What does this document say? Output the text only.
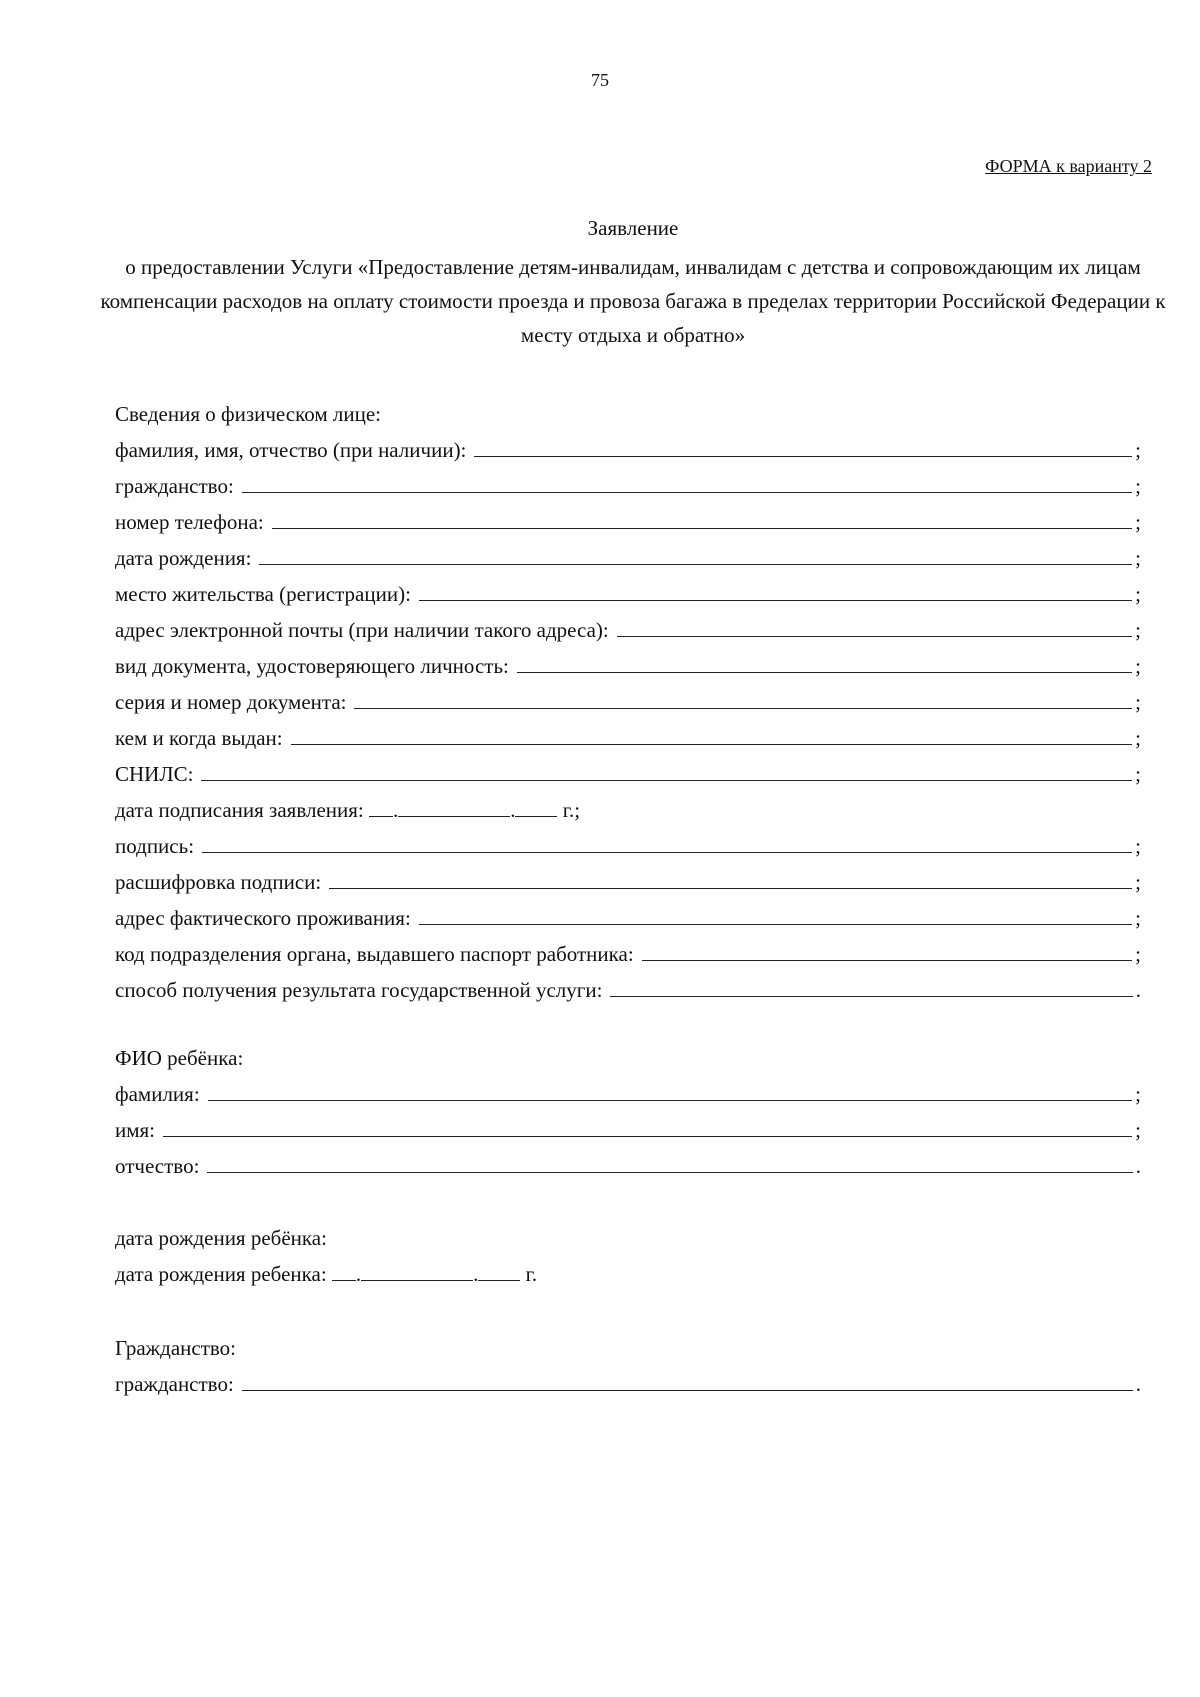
75
ФОРМА к варианту 2
Заявление
о предоставлении Услуги «Предоставление детям-инвалидам, инвалидам с детства и сопровождающим их лицам компенсации расходов на оплату стоимости проезда и провоза багажа в пределах территории Российской Федерации к месту отдыха и обратно»
Сведения о физическом лице:
фамилия, имя, отчество (при наличии):	;
гражданство:	;
номер телефона:	;
дата рождения:	;
место жительства (регистрации):	;
адрес электронной почты (при наличии такого адреса):	;
вид документа, удостоверяющего личность:	;
серия и номер документа:	;
кем и когда выдан:	;
СНИЛС:	;
дата подписания заявления: .	. г.;
подпись:	;
расшифровка подписи:	;
адрес фактического проживания:	;
код подразделения органа, выдавшего паспорт работника:	;
способ получения результата государственной услуги:	.
ФИО ребёнка:
фамилия:	;
имя:	;
отчество:	.
дата рождения ребёнка:
дата рождения ребенка: .	. г.
Гражданство:
гражданство:	.
